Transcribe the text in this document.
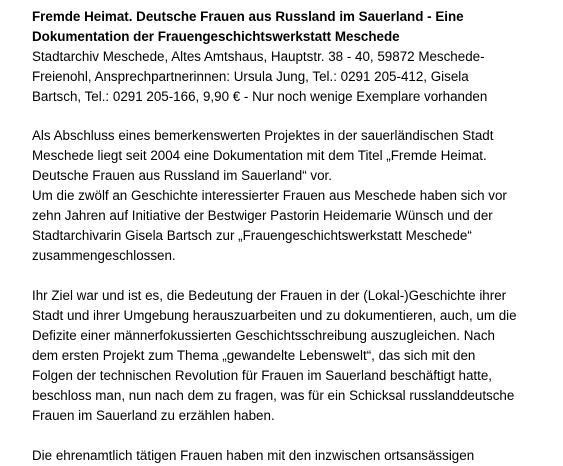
Fremde Heimat. Deutsche Frauen aus Russland im Sauerland - Eine
Dokumentation der Frauengeschichtswerkstatt Meschede
Stadtarchiv Meschede, Altes Amtshaus, Hauptstr. 38 - 40, 59872 Meschede-
Freienohl, Ansprechpartnerinnen: Ursula Jung, Tel.: 0291 205-412, Gisela
Bartsch, Tel.: 0291 205-166, 9,90 € - Nur noch wenige Exemplare vorhanden
Als Abschluss eines bemerkenswerten Projektes in der sauerländischen Stadt
Meschede liegt seit 2004 eine Dokumentation mit dem Titel „Fremde Heimat.
Deutsche Frauen aus Russland im Sauerland“ vor.
Um die zwölf an Geschichte interessierter Frauen aus Meschede haben sich vor
zehn Jahren auf Initiative der Bestwiger Pastorin Heidemarie Wünsch und der
Stadtarchivarin Gisela Bartsch zur „Frauengeschichtswerkstatt Meschede“
zusammengeschlossen.
Ihr Ziel war und ist es, die Bedeutung der Frauen in der (Lokal-)Geschichte ihrer
Stadt und ihrer Umgebung herauszuarbeiten und zu dokumentieren, auch, um die
Defizite einer männerfokussierten Geschichtsschreibung auszugleichen. Nach
dem ersten Projekt zum Thema „gewandelte Lebenswelt“, das sich mit den
Folgen der technischen Revolution für Frauen im Sauerland beschäftigt hatte,
beschloss man, nun nach dem zu fragen, was für ein Schicksal russlanddeutsche
Frauen im Sauerland zu erzählen haben.
Die ehrenamtlich tätigen Frauen haben mit den inzwischen ortsansässigen
